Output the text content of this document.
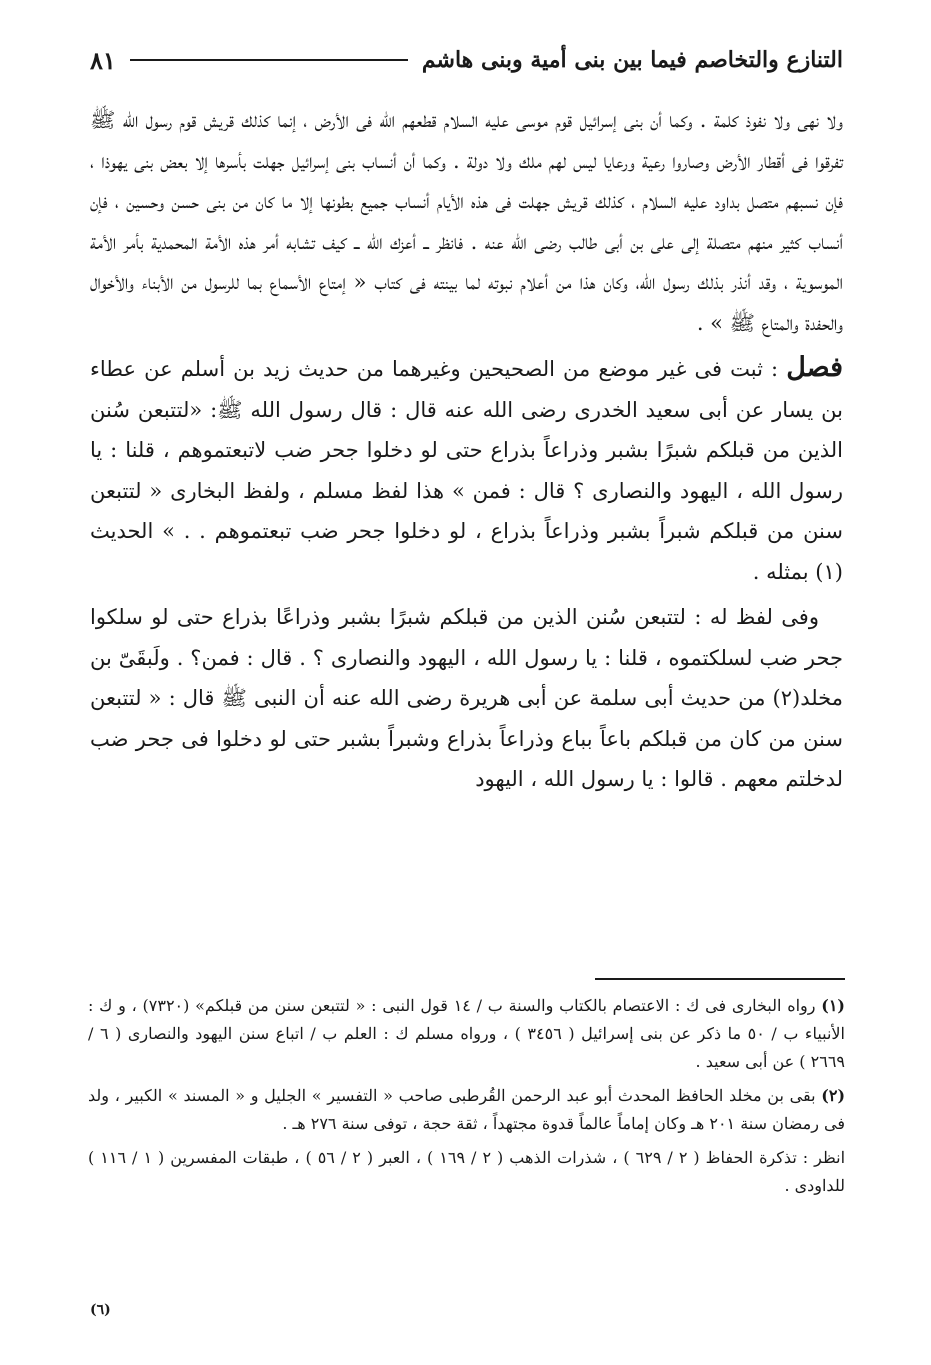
التنازع والتخاصم فيما بين بنى أمية وبنى هاشم
٨١

ولا نهى ولا نفوذ كلمة . وكما أن بنى إسرائيل قوم موسى عليه السلام قطعهم الله فى الأرض ، إنما كذلك قريش قوم رسول الله ﷺ تفرقوا فى أقطار الأرض وصاروا رعية ورعايا ليس لهم ملك ولا دولة . وكما أن أنساب بنى إسرائيل جهلت بأسرها إلا بعض بنى يهوذا ، فإن نسبهم متصل بداود عليه السلام ، كذلك قريش جهلت فى هذه الأيام أنساب جميع بطونها إلا ما كان من بنى حسن وحسين ، فإن أنساب كثير منهم متصلة إلى على بن أبى طالب رضى الله عنه . فانظر ــ أعزك الله ــ كيف تشابه أمر هذه الأمة المحمدية بأمر الأمة الموسوية ، وقد أنذر بذلك رسول الله، وكان هذا من أعلام نبوته لما بينته فى كتاب « إمتاع الأسماع بما للرسول من الأبناء والأخوال والحفدة والمتاع ﷺ » .

فصل : ثبت فى غير موضع من الصحيحين وغيرهما من حديث زيد بن أسلم عن عطاء بن يسار عن أبى سعيد الخدرى رضى الله عنه قال : قال رسول الله ﷺ: «لتتبعن سُنن الذين من قبلكم شبرًا بشبر وذراعاً بذراع حتى لو دخلوا جحر ضب لاتبعتموهم ، قلنا : يا رسول الله ، اليهود والنصارى ؟ قال : فمن » هذا لفظ مسلم ، ولفظ البخارى « لتتبعن سنن من قبلكم شبراً بشبر وذراعاً بذراع ، لو دخلوا جحر ضب تبعتموهم . . » الحديث (١) بمثله .

وفى لفظ له : لتتبعن سُنن الذين من قبلكم شبرًا بشبر وذراعًا بذراع حتى لو سلكوا جحر ضب لسلكتموه ، قلنا : يا رسول الله ، اليهود والنصارى ؟ . قال : فمن؟ . ولَبقَىّ بن مخلد(٢) من حديث أبى سلمة عن أبى هريرة رضى الله عنه أن النبى ﷺ قال : « لتتبعن سنن من كان من قبلكم باعاً بباع وذراعاً بذراع وشبراً بشبر حتى لو دخلوا فى جحر ضب لدخلتم معهم . قالوا : يا رسول الله ، اليهود

(١) رواه البخارى فى ك : الاعتصام بالكتاب والسنة ب / ١٤ قول النبى : « لتتبعن سنن من قبلكم» (٧٣٢٠) ، و ك : الأنبياء ب / ٥٠ ما ذكر عن بنى إسرائيل ( ٣٤٥٦ ) ، ورواه مسلم ك : العلم ب / اتباع سنن اليهود والنصارى ( ٦ / ٢٦٦٩ ) عن أبى سعيد .

(٢) بقى بن مخلد الحافظ المحدث أبو عبد الرحمن القُرطبى صاحب « التفسير » الجليل و « المسند » الكبير ، ولد فى رمضان سنة ٢٠١ هـ وكان إماماً عالماً قدوة مجتهداً ، ثقة حجة ، توفى سنة ٢٧٦ هـ .

انظر : تذكرة الحفاظ ( ٢ / ٦٢٩ ) ، شذرات الذهب ( ٢ / ١٦٩ ) ، العبر ( ٢ / ٥٦ ) ، طبقات المفسرين ( ١ / ١١٦ ) للداودى .

(٦)
